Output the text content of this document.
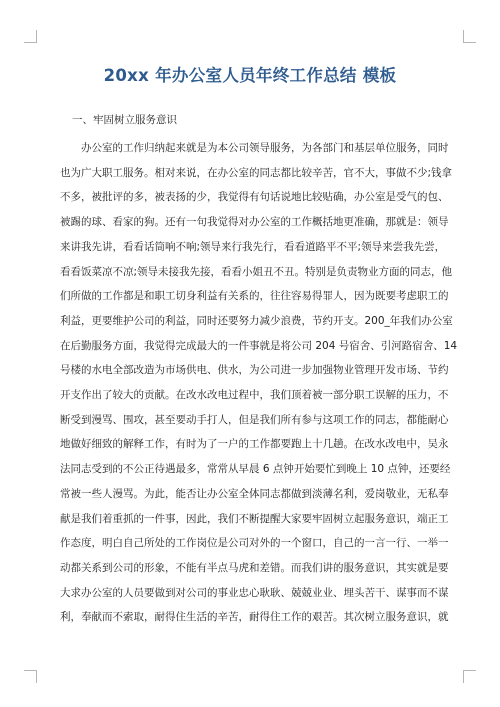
20xx 年办公室人员年终工作总结 模板
一、牢固树立服务意识
办公室的工作归纳起来就是为本公司领导服务，为各部门和基层单位服务，同时
也为广大职工服务。相对来说，在办公室的同志都比较辛苦，官不大，事做不少;钱拿
不多，被批评的多，被表扬的少，我觉得有句话说地比较贴确，办公室是受气的包、
被踢的球、看家的狗。还有一句我觉得对办公室的工作概括地更准确，那就是：领导
来讲我先讲，看看话筒响不响;领导来行我先行，看看道路平不平;领导来尝我先尝，
看看饭菜凉不凉;领导未接我先接，看看小姐丑不丑。特别是负责物业方面的同志，他
们所做的工作都是和职工切身利益有关系的，往往容易得罪人，因为既要考虑职工的
利益，更要维护公司的利益，同时还要努力减少浪费，节约开支。200_年我们办公室
在后勤服务方面，我觉得完成最大的一件事就是将公司 204 号宿舍、引河路宿舍、14
号楼的水电全部改造为市场供电、供水，为公司进一步加强物业管理开发市场、节约
开支作出了较大的贡献。在改水改电过程中，我们顶着被一部分职工误解的压力，不
断受到漫骂、围攻，甚至要动手打人，但是我们所有参与这项工作的同志，都能耐心
地做好细致的解释工作，有时为了一户的工作都要跑上十几趟。在改水改电中，吴永
法同志受到的不公正待遇最多，常常从早晨 6 点钟开始要忙到晚上 10 点钟，还要经
常被一些人漫骂。为此，能否让办公室全体同志都做到淡薄名利，爱岗敬业，无私奉
献是我们着重抓的一件事，因此，我们不断提醒大家要牢固树立起服务意识，端正工
作态度，明白自己所处的工作岗位是公司对外的一个窗口，自己的一言一行、一举一
动都关系到公司的形象，不能有半点马虎和差错。而我们讲的服务意识，其实就是要
大求办公室的人员要做到对公司的事业忠心耿耿、兢兢业业、埋头苦干、谋事而不谋
利，奉献而不索取，耐得住生活的辛苦，耐得住工作的艰苦。其次树立服务意识，就
